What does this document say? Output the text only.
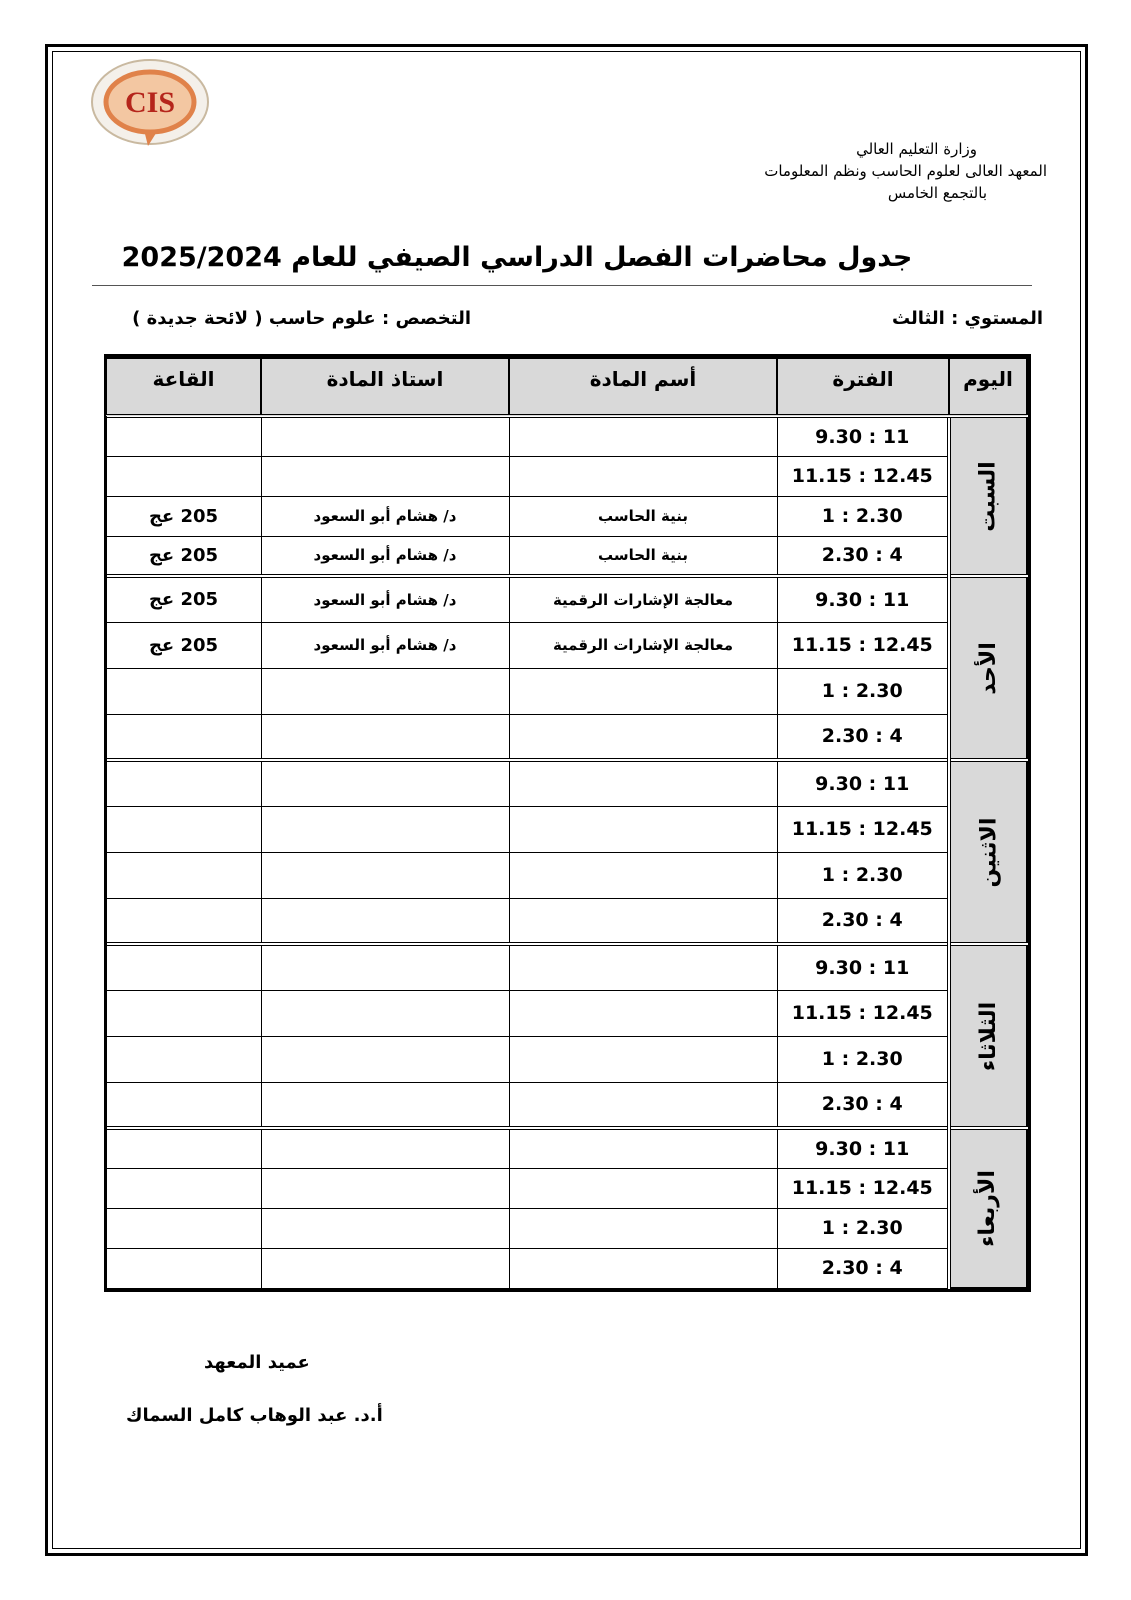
CIS
وزارة التعليم العالي
المعهد العالى لعلوم الحاسب ونظم المعلومات
بالتجمع الخامس
جدول محاضرات الفصل الدراسي الصيفي للعام 2025/2024
المستوي : الثالث
التخصص : علوم حاسب ( لائحة جديدة )
اليوم	الفترة	أسم المادة	استاذ المادة	القاعة
السبت	11 : 9.30			
	12.45 : 11.15			
	2.30 : 1	بنية الحاسب	د/ هشام أبو السعود	205 عج
	4 : 2.30	بنية الحاسب	د/ هشام أبو السعود	205 عج
الأحد	11 : 9.30	معالجة الإشارات الرقمية	د/ هشام أبو السعود	205 عج
	12.45 : 11.15	معالجة الإشارات الرقمية	د/ هشام أبو السعود	205 عج
	2.30 : 1			
	4 : 2.30			
الاثنين	11 : 9.30			
	12.45 : 11.15			
	2.30 : 1			
	4 : 2.30			
الثلاثاء	11 : 9.30			
	12.45 : 11.15			
	2.30 : 1			
	4 : 2.30			
الأربعاء	11 : 9.30			
	12.45 : 11.15			
	2.30 : 1			
	4 : 2.30			
عميد المعهد
أ.د. عبد الوهاب كامل السماك
